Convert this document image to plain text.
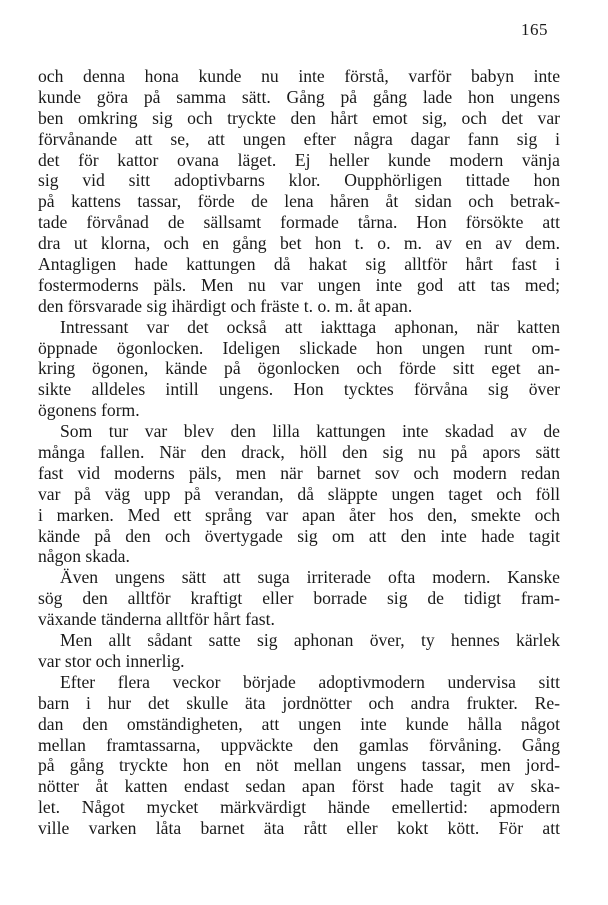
165
och denna hona kunde nu inte förstå, varför babyn inte
kunde göra på samma sätt. Gång på gång lade hon ungens
ben omkring sig och tryckte den hårt emot sig, och det var
förvånande att se, att ungen efter några dagar fann sig i
det för kattor ovana läget. Ej heller kunde modern vänja
sig vid sitt adoptivbarns klor. Oupphörligen tittade hon
på kattens tassar, förde de lena håren åt sidan och betrak-
tade förvånad de sällsamt formade tårna. Hon försökte att
dra ut klorna, och en gång bet hon t. o. m. av en av dem.
Antagligen hade kattungen då hakat sig alltför hårt fast i
fostermoderns päls. Men nu var ungen inte god att tas med;
den försvarade sig ihärdigt och fräste t. o. m. åt apan.
Intressant var det också att iakttaga aphonan, när katten
öppnade ögonlocken. Ideligen slickade hon ungen runt om-
kring ögonen, kände på ögonlocken och förde sitt eget an-
sikte alldeles intill ungens. Hon tycktes förvåna sig över
ögonens form.
Som tur var blev den lilla kattungen inte skadad av de
många fallen. När den drack, höll den sig nu på apors sätt
fast vid moderns päls, men när barnet sov och modern redan
var på väg upp på verandan, då släppte ungen taget och föll
i marken. Med ett språng var apan åter hos den, smekte och
kände på den och övertygade sig om att den inte hade tagit
någon skada.
Även ungens sätt att suga irriterade ofta modern. Kanske
sög den alltför kraftigt eller borrade sig de tidigt fram-
växande tänderna alltför hårt fast.
Men allt sådant satte sig aphonan över, ty hennes kärlek
var stor och innerlig.
Efter flera veckor började adoptivmodern undervisa sitt
barn i hur det skulle äta jordnötter och andra frukter. Re-
dan den omständigheten, att ungen inte kunde hålla något
mellan framtassarna, uppväckte den gamlas förvåning. Gång
på gång tryckte hon en nöt mellan ungens tassar, men jord-
nötter åt katten endast sedan apan först hade tagit av ska-
let. Något mycket märkvärdigt hände emellertid: apmodern
ville varken låta barnet äta rått eller kokt kött. För att
